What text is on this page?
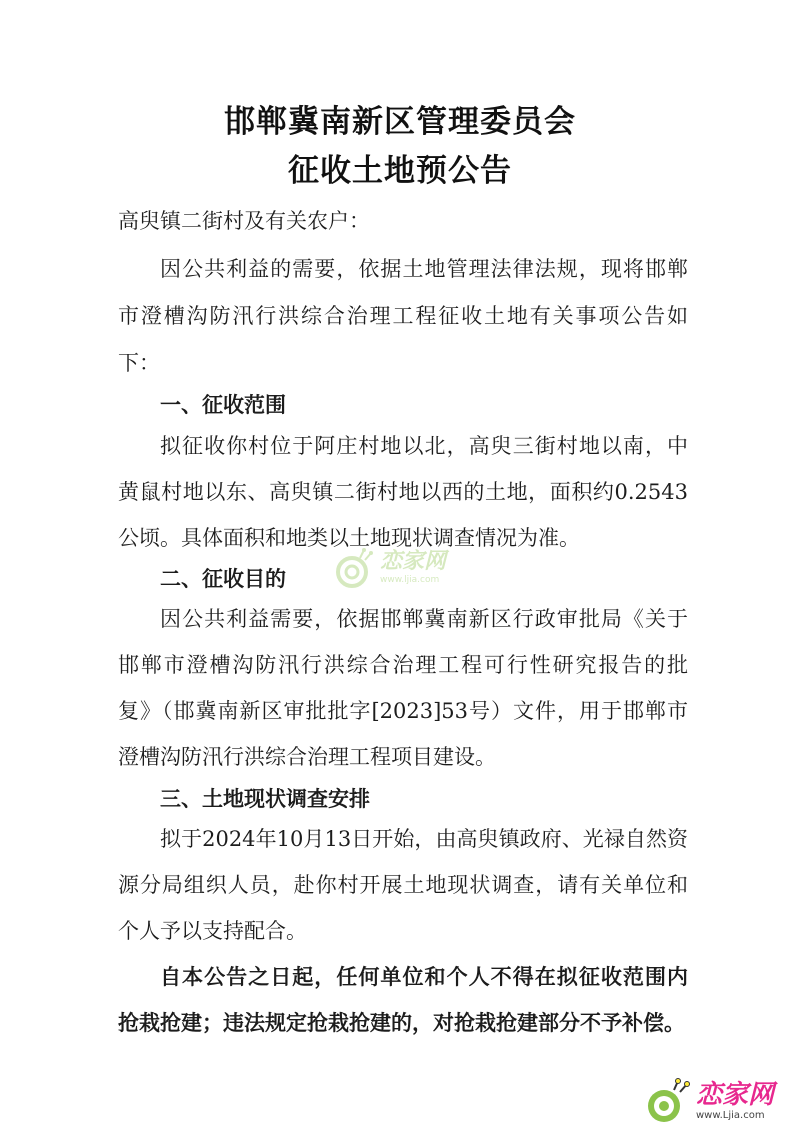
邯郸冀南新区管理委员会
征收土地预公告
高臾镇二街村及有关农户：
因公共利益的需要，依据土地管理法律法规，现将邯郸
市澄槽沟防汛行洪综合治理工程征收土地有关事项公告如
下：
一、征收范围
拟征收你村位于阿庄村地以北，高臾三街村地以南，中
黄鼠村地以东、高臾镇二街村地以西的土地，面积约0.2543
公顷。具体面积和地类以土地现状调查情况为准。
二、征收目的
因公共利益需要，依据邯郸冀南新区行政审批局《关于
邯郸市澄槽沟防汛行洪综合治理工程可行性研究报告的批
复》（邯冀南新区审批批字[2023]53号）文件，用于邯郸市
澄槽沟防汛行洪综合治理工程项目建设。
三、土地现状调查安排
拟于2024年10月13日开始，由高臾镇政府、光禄自然资
源分局组织人员，赴你村开展土地现状调查，请有关单位和
个人予以支持配合。
自本公告之日起，任何单位和个人不得在拟征收范围内
抢栽抢建；违法规定抢栽抢建的，对抢栽抢建部分不予补偿。
恋家网
www.ljia.com
恋家网
www.Ljia.com
